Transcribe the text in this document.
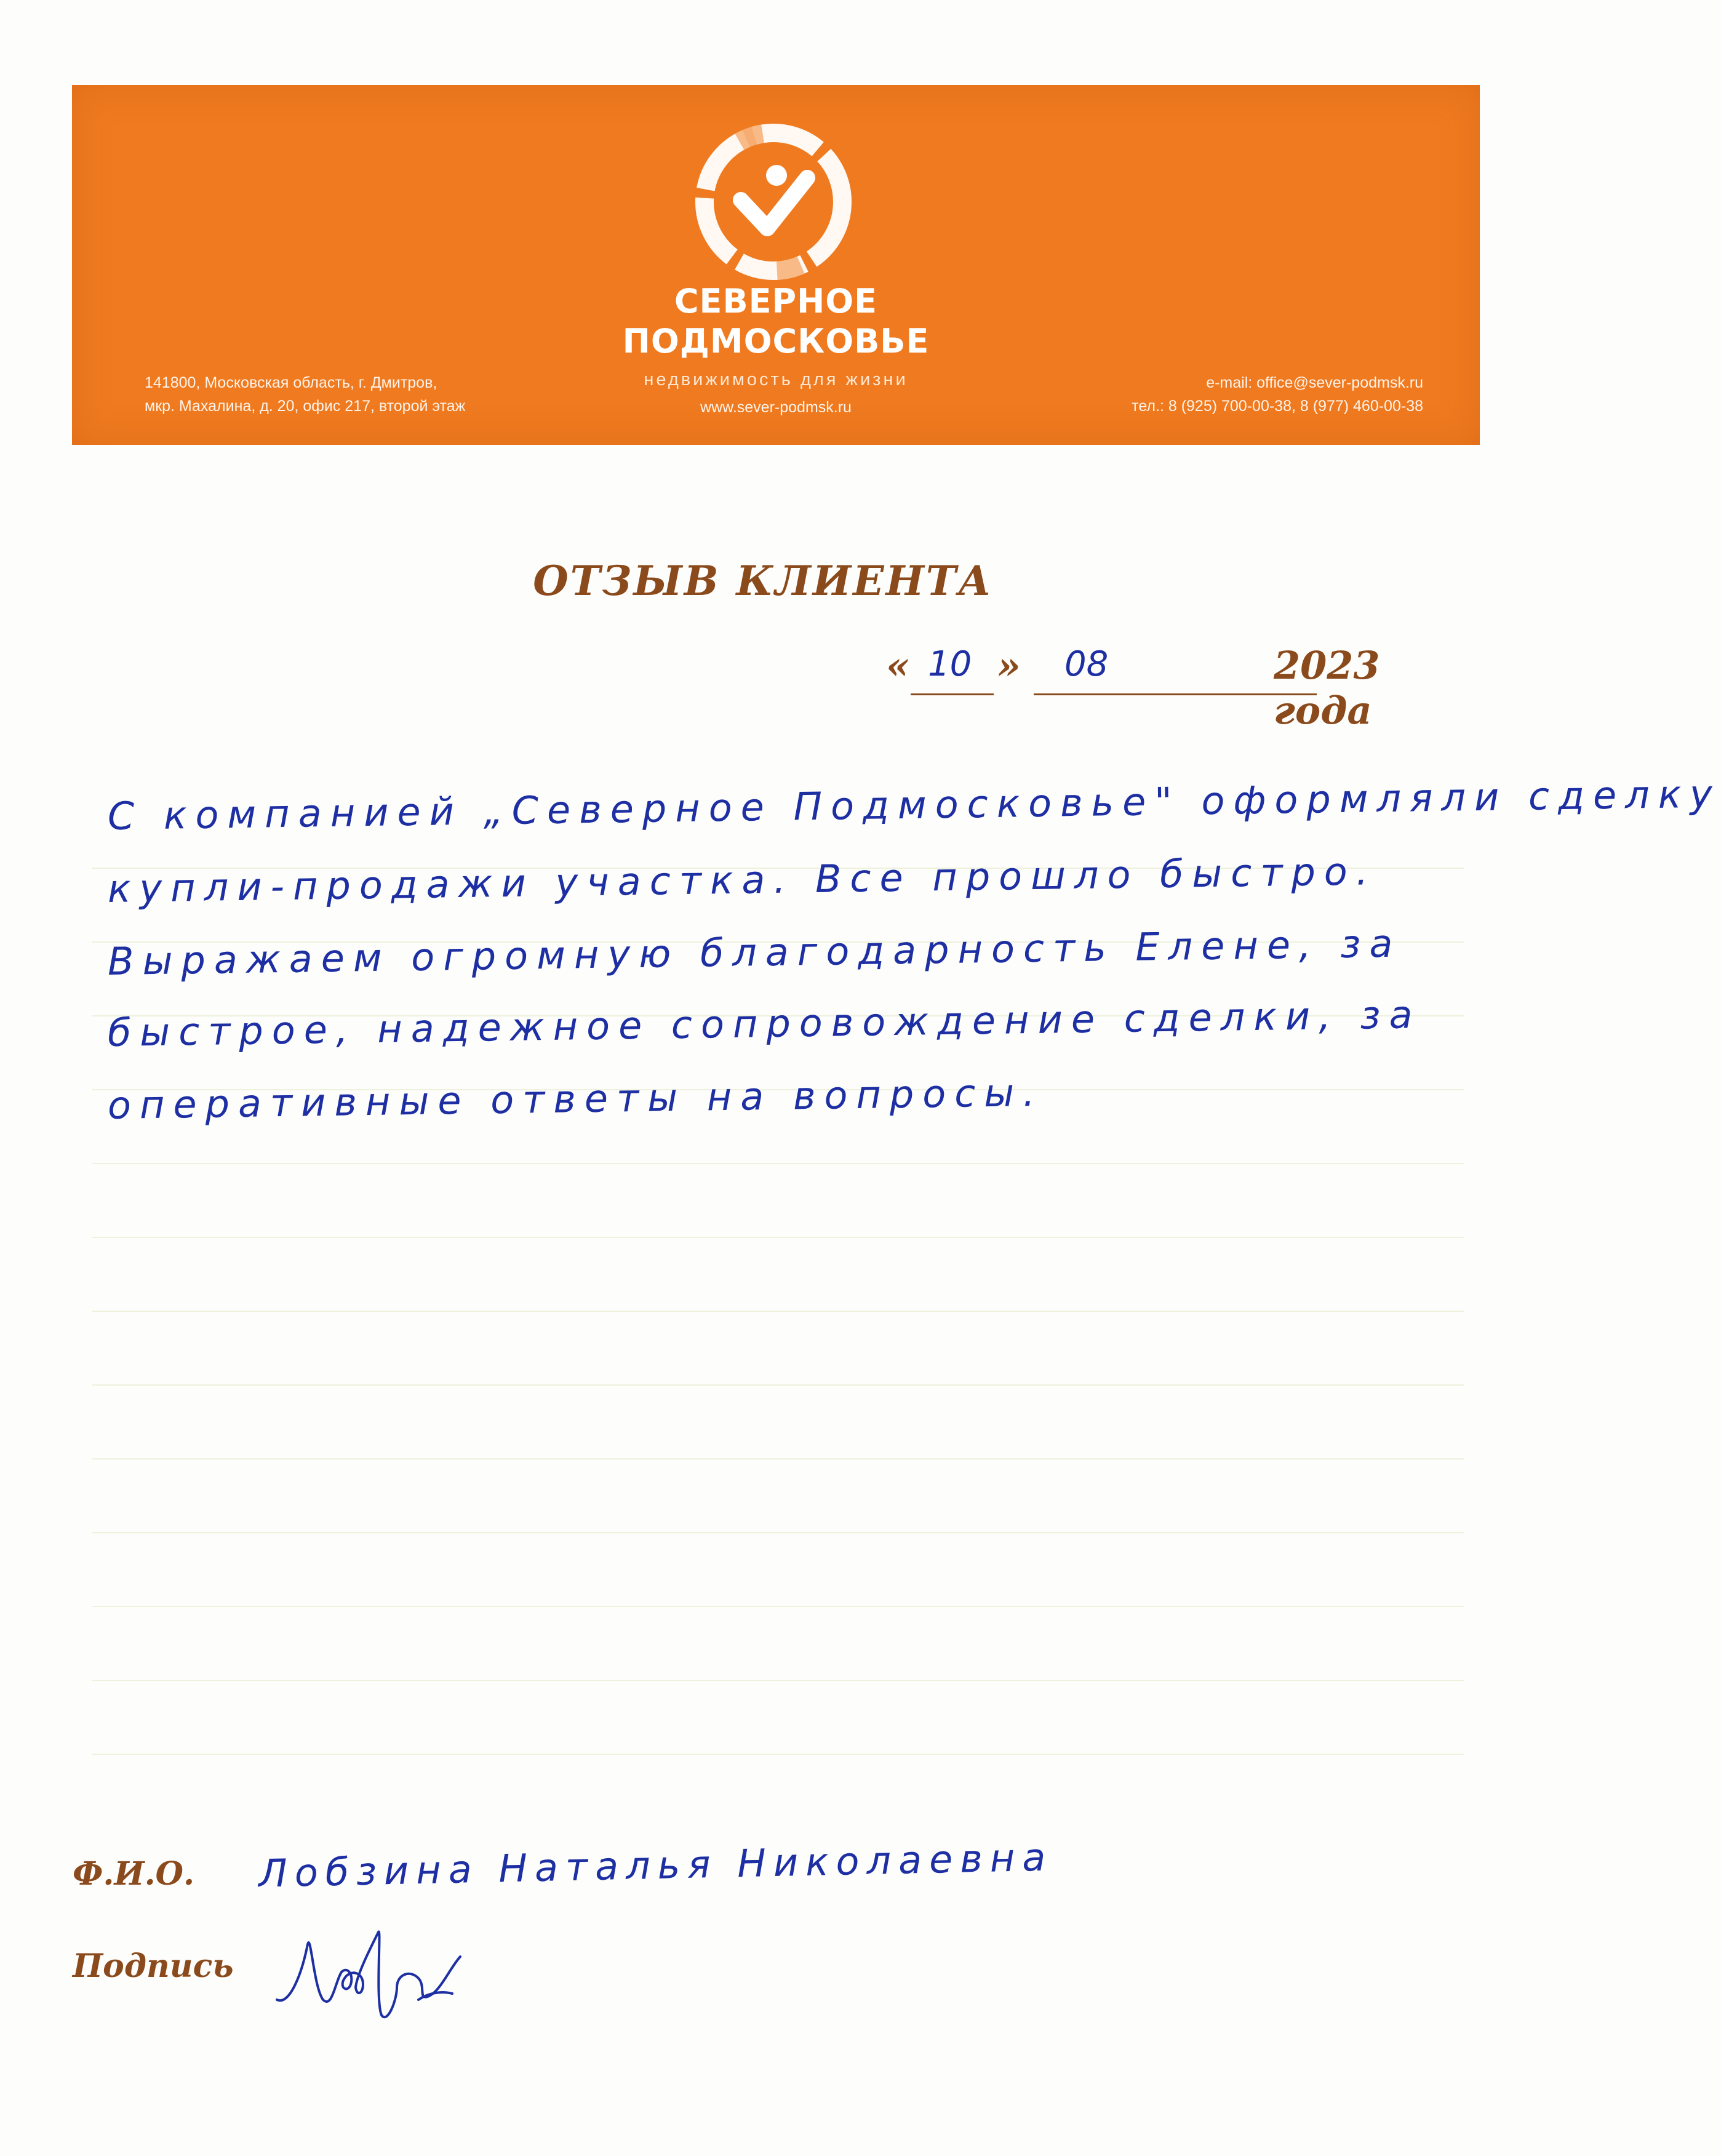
СЕВЕРНОЕ
ПОДМОСКОВЬЕ
недвижимость для жизни
www.sever-podmsk.ru
141800, Московская область, г. Дмитров,
мкр. Махалина, д. 20, офис 217, второй этаж
e-mail: office@sever-podmsk.ru
тел.: 8 (925) 700-00-38, 8 (977) 460-00-38
ОТЗЫВ КЛИЕНТА
« 10 » 08	2023 года
С компанией „Северное Подмосковье" оформляли сделку
купли-продажи участка. Все прошло быстро.
Выражаем огромную благодарность Елене, за
быстрое, надежное сопровождение сделки, за
оперативные ответы на вопросы.
Ф.И.О. Лобзина Наталья Николаевна
Подпись
